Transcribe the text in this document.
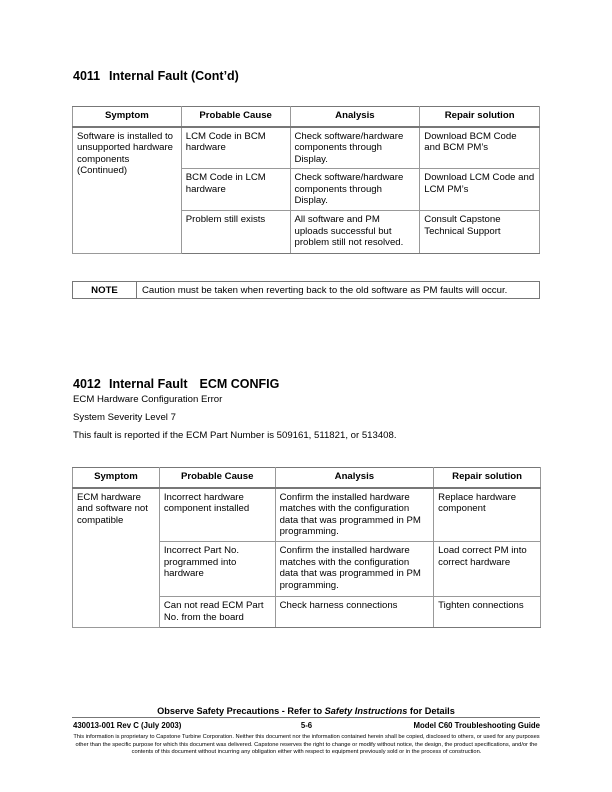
4011 Internal Fault (Cont’d)
Symptom	Probable Cause	Analysis	Repair solution
Software is installed to unsupported hardware components (Continued)	LCM Code in BCM hardware	Check software/hardware components through Display.	Download BCM Code and BCM PM’s
	BCM Code in LCM hardware	Check software/hardware components through Display.	Download LCM Code and LCM PM’s
	Problem still exists	All software and PM uploads successful but problem still not resolved.	Consult Capstone Technical Support
NOTE	Caution must be taken when reverting back to the old software as PM faults will occur.
4012 Internal Fault ECM CONFIG
ECM Hardware Configuration Error
System Severity Level 7
This fault is reported if the ECM Part Number is 509161, 511821, or 513408.
Symptom	Probable Cause	Analysis	Repair solution
ECM hardware and software not compatible	Incorrect hardware component installed	Confirm the installed hardware matches with the configuration data that was programmed in PM programming.	Replace hardware component
	Incorrect Part No. programmed into hardware	Confirm the installed hardware matches with the configuration data that was programmed in PM programming.	Load correct PM into correct hardware
	Can not read ECM Part No. from the board	Check harness connections	Tighten connections
Observe Safety Precautions - Refer to Safety Instructions for Details
430013-001 Rev C (July 2003)	5-6	Model C60 Troubleshooting Guide
This information is proprietary to Capstone Turbine Corporation. Neither this document nor the information contained herein shall be copied, disclosed to others, or used for any purposes other than the specific purpose for which this document was delivered. Capstone reserves the right to change or modify without notice, the design, the product specifications, and/or the contents of this document without incurring any obligation either with respect to equipment previously sold or in the process of construction.
